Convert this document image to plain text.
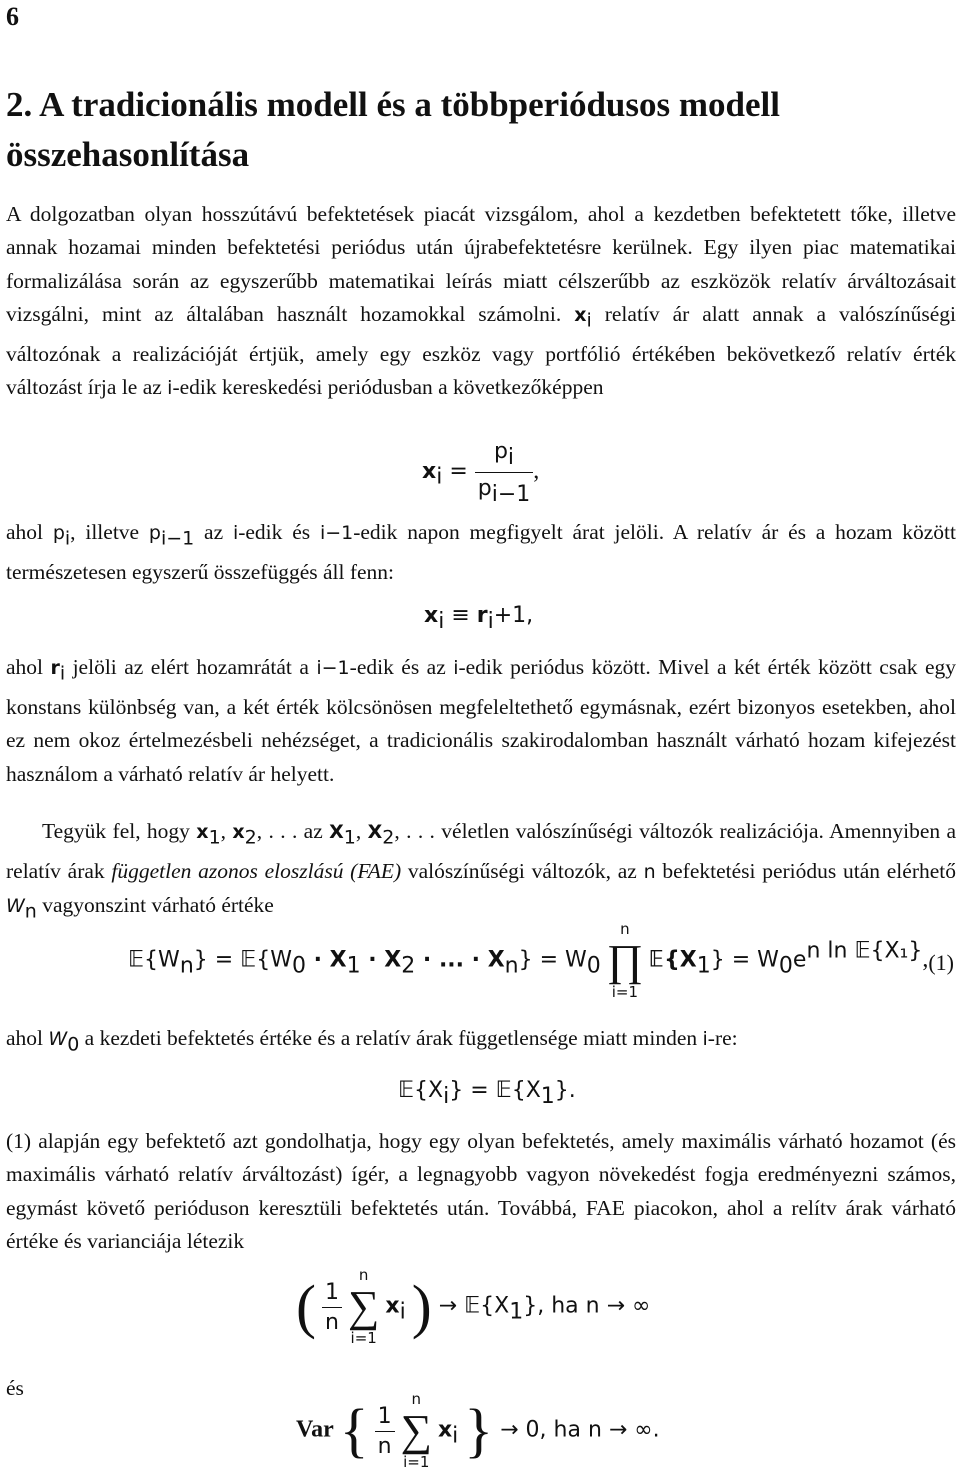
6
2. A tradicionális modell és a többperiódusos modell összehasonlítása

A dolgozatban olyan hosszútávú befektetések piacát vizsgálom, ahol a kezdetben befektetett tőke, illetve annak hozamai minden befektetési periódus után újrabefektetésre kerülnek. Egy ilyen piac matematikai formalizálása során az egyszerűbb matematikai leírás miatt célszerűbb az eszközök relatív árváltozásait vizsgálni, mint az általában használt hozamokkal számolni. $x_i$ relatív ár alatt annak a valószínűségi változónak a realizációját értjük, amely egy eszköz vagy portfólió értékében bekövetkező relatív érték változást írja le az i-edik kereskedési periódusban a következőképpen

$x_i = \frac{p_i}{p_{i-1}}$ ,

ahol $p_i$, illetve $p_{i-1}$ az i-edik és i−1-edik napon megfigyelt árat jelöli. A relatív ár és a hozam között természetesen egyszerű összefüggés áll fenn:

$x_i \equiv r_i+1$,

ahol $r_i$ jelöli az elért hozamrátát a i−1-edik és az i-edik periódus között. Mivel a két érték között csak egy konstans különbség van, a két érték kölcsönösen megfeleltethető egymásnak, ezért bizonyos esetekben, ahol ez nem okoz értelmezésbeli nehézséget, a tradicionális szakirodalomban használt várható hozam kifejezést használom a várható relatív ár helyett.

Tegyük fel, hogy $x_1$, $x_2$, . . . az $X_1$, $X_2$, . . . véletlen valószínűségi változók realizációja. Amennyiben a relatív árak független azonos eloszlású (FAE) valószínűségi változók, az n befektetési periódus után elérhető $W_n$ vagyonszint várható értéke

$𝔼\{W_n\}$ = $𝔼\{W_0 \cdot X_1 \cdot X_2$ · ... · $X_n\} = W_0$
n
∏
i=1
$𝔼\{X_1\} = W_0e^{n ln 𝔼\{X_1\}}$, (1)

ahol $W_0$ a kezdeti befektetés értéke és a relatív árak függetlensége miatt minden i-re:

$𝔼\{X_i\}$ = $𝔼\{X_1\}$.

(1) alapján egy befektető azt gondolhatja, hogy egy olyan befektetés, amely maximális várható hozamot (és maximális várható relatív árváltozást) ígér, a legnagyobb vagyon növekedést fogja eredményezni számos, egymást követő perióduson keresztüli befektetés után. Továbbá, FAE piacokon, ahol a relítv árak várható értéke és varianciája létezik

( $\frac{1}{n}$

n
∑
i=1
$x_i$ ) → $𝔼\{X_1\}$, ha n → ∞
és
Var { $\frac{1}{n}$

n
∑
i=1
$x_i$ } → 0, ha n → ∞.
